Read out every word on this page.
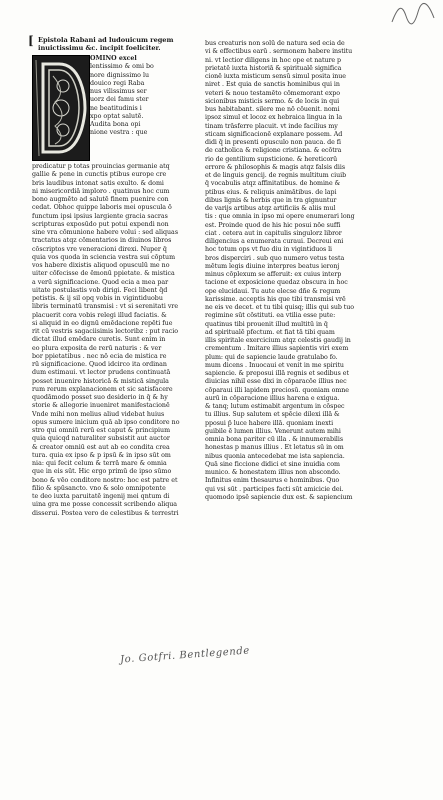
[ Epistola Rabani ad ludouicum regem
inuictissimu &c. incipit foeliciter.
OMINO excel
lentissimo & omi bo
nore dignissimo lu
douico regi Raba
nus vilissimus ser
uorz dei famu ster
ne beatitudinis i
xpo optat salutē.
Audita bona opi
nione vestra : que
predicatur p totas prouincias germanie atq
gallie & pene in cunctis ptibus europe cre
bris laudibus intonat satis exulto. & domi
ni misericordiā imploro . quatinus hoc cum
bono augmēto ad salutē finem puenire con
cedat. Obhoc quippe laboris mei opuscula ō
functum ipsi ipsius largiente gracia sacras
scripturas exposūdo put potui expendi non
sine vra cōmunione habere volui : sed aliquas
tractatus atqz cōmentarios in diuinos libros
cōscriptos vre veneracioni direxi. Nuper q̄
quia vos quoda in sciencia vestra sui cōptum
vos habere dixistis aliquod opusculū me no
uiter cōfecisse de ēmonū ppietate. & mistica
a verū significacione. Quod ecia a mea par
uitate postulastis vob dirigi. Feci libent q̄d
petistis. & ij sil opq vobis in vigintiduobu
libris terminatū transmisi : vt si serenitati vre
placuerit cora vobis relegi illud faciatis. &
si aliquid in eo dignū emēdacione repēti fue
rit cū vestris sagaciisimis lectoribz : put racio
dictat illud emēdare curetis. Sunt enim in
eo plura exposita de rerū naturis : & ver
bor ppietatibus . nec nō ecia de mistica re
rū significacione. Quod idcirco ita ordinan
dum estimaui. vt lector prudens continuatā
posset inuenire historicā & misticā singula
rum rerum explanacionem et sic satisfacere
quodāmodo posset suo desiderio in q̄ & hy
storie & allegorie inueniret manifestacionē
Vnde mihi non melius aliud videbat huius
opus sumere inicium quā ab ipso conditore no
stro qui omniū rerū est caput & principium
quia quicqd naturaliter subsistit aut auctor
& creator omniū est aut ab eo condita crea
tura. quia ex ipso & p ipsū & in ipso sūt om
nia: qui fecit celum & terrā mare & omnia
que in eis sūt. Hic ergo primū de ipso sūmo
bono & vēo conditore nostro: hoc est patre et
filio & spūsancto. vno & solo omnipotente
te deo iuxta paruitatē ingenij mei qntum di
uina gra me posse concessit scribendo aliqua
disserui. Postea vero de celestibus & terrestri
bus creaturis non solū de natura sed ecia de
vi & effectibus earū . sermonem habere institu
ni. vt lectior diligens in hoc ope et nature p
prietatē iuxta historiā & spiritualē significa
cionē iuxta misticum sensū simul posita inue
niret . Est quia de sanctis hominibus qui in
veteri & nouo testamēto cōmemorant expo
sicionibus misticis sermo. & de locis in qui
bus habitabant. silere me nō cōuenit. nomi
ipsoz simul et locoz ex hebraica lingua in la
tinam trāsferre placuit. vt inde facilius my
sticam significacionē explanare possem. Ad
didi q̄ in presenti opusculo non pauca. de fi
de catholica & religione cristiana. & ecōtra
rio de gentilium supsticione. & hereticorū
errore & philosophis & magis atqz falsis diis
et de linguis gencij. de regnis multitum ciuib
q̄ vocabulis atqz affinitatibus. de homine &
ptibus eius. & reliquis animātibus. de lapi
dibus lignis & herbis que in tra gignuntur
de varijs artibus atqz artificiis & aliis mul
tis : que omnia in ipso mi opere enumerari long
est. Proinde quod de his hic posui nōe suffi
ciat . cetera aut in capitulis singulorz libror
diligencius a enumerata curaui. Decreui eni
hoc totum ops vt fuo diu in vigintiduos li
bros disperciri . sub quo numero vetus testa
mētum legis diuine interpres beatus ieronj
minus cōplexum se afferuit: ex cuius interp
tacione et exposicione quedaz obscura in hoc
ope elucidaui. Tu aute elecse dñe & regum
karissime. acceptis his que tibi transmisi vrē
ne eis ve decet. et tu tibi quisq; illis qui sub tuo
regimine sūt cōstituti. ea vtilia esse pute:
quatinus tibi prouenit illud multitū in q̄
ad spiritualē pfectum. et fiat tā tibi quam
illis spiritale exercicium atqz celestis gaudij in
crementum . Imitare illius sapientis viri exem
plum: qui de sapiencie laude gratulabo fo.
mum dicens . Inuocaui et venit in me spiritu
sapiencie. & preposui illā regnis et sedibus et
diuicias nihil esse dixi in cōparacōe illius nec
cōparaui illi lapidem preciosū. quoniam omne
aurū in cōparacione illius harena e exigua.
& tanq; lutum estimabit argentum in cōspec
tu illius. Sup salutem et spēcie dilexi illā &
pposui p̄ luce habere illā. quoniam inexti
guibile ē lumen illius. Venerunt autem mihi
omnia bona pariter cū illa . & innumerabilis
honestas p manus illius . Et letatus sū in om
nibus quonia antecedebat me ista sapiencia.
Quā sine ficcione didici et sine inuidia com
munico. & honestatem illius non abscondo.
Infinitus enim thesaurus e hominibus. Quo
qui vsi sūt . participes facti sūt amicicie dei.
quomodo ipsē sapiencie dux est. & sapiencium
Jo. Gotfri. Bentlegende
